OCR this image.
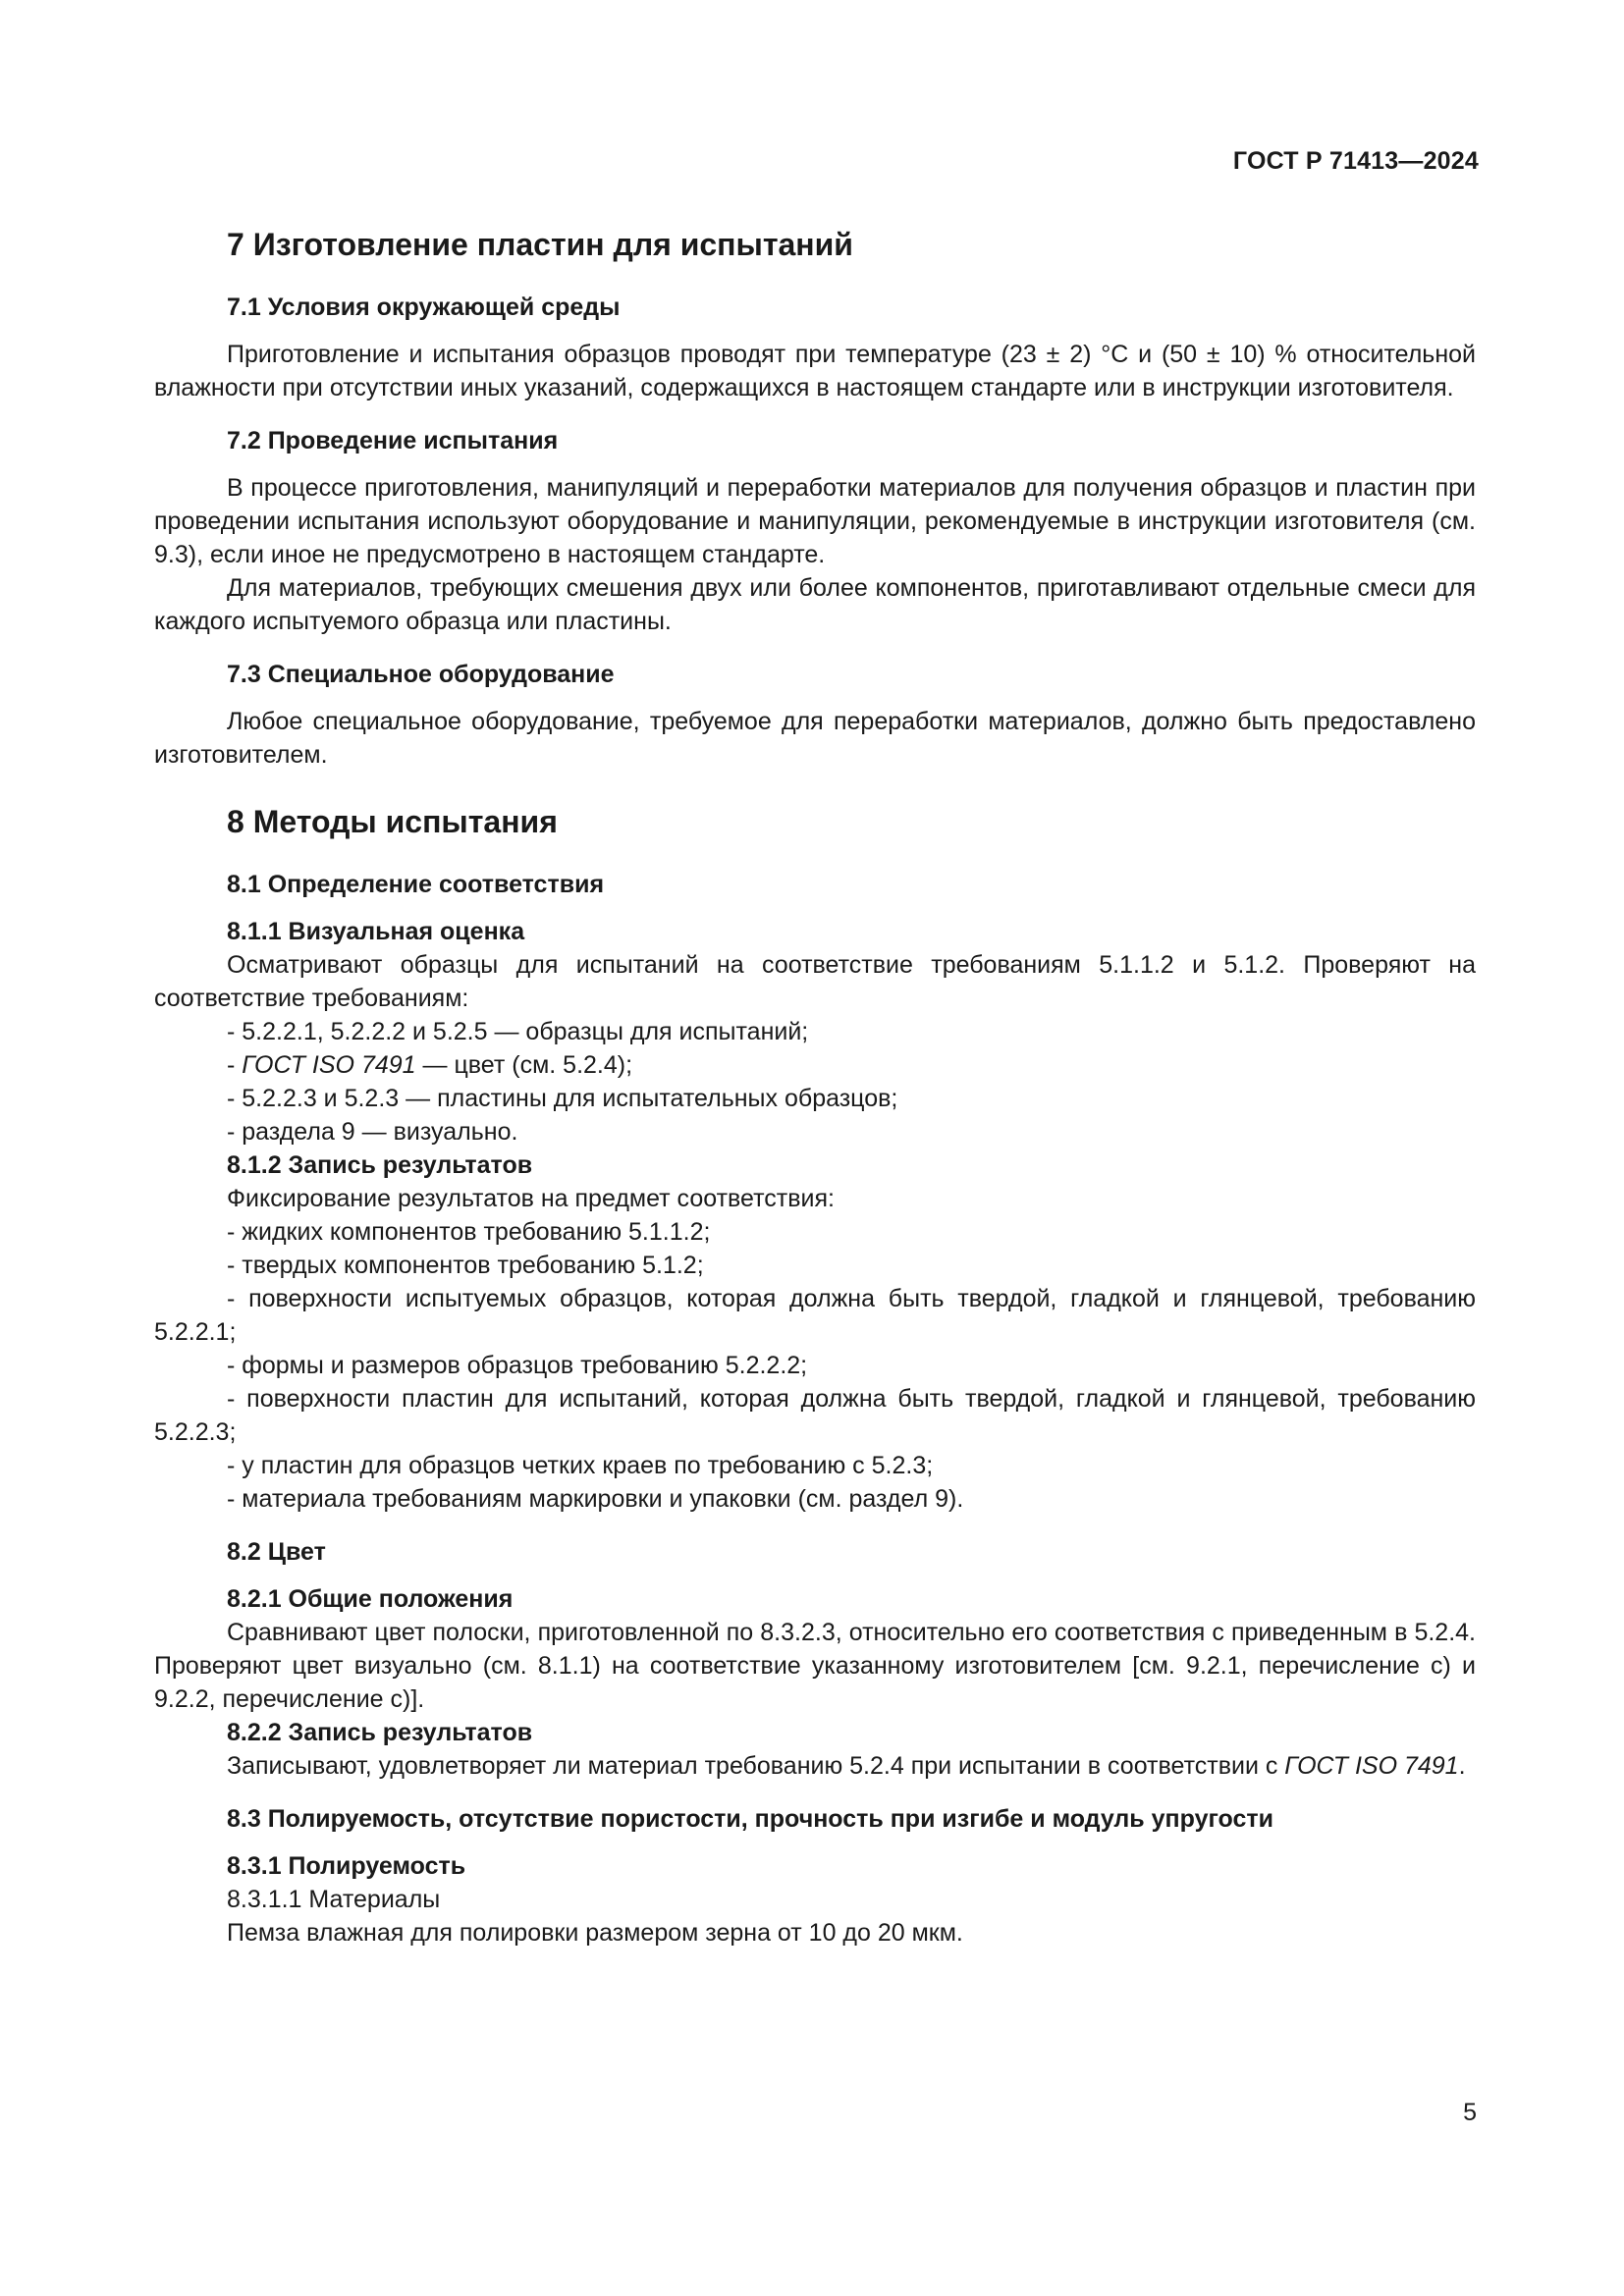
ГОСТ Р 71413—2024
7 Изготовление пластин для испытаний
7.1 Условия окружающей среды

Приготовление и испытания образцов проводят при температуре (23 ± 2) °C и (50 ± 10) % относительной влажности при отсутствии иных указаний, содержащихся в настоящем стандарте или в инструкции изготовителя.

7.2 Проведение испытания

В процессе приготовления, манипуляций и переработки материалов для получения образцов и пластин при проведении испытания используют оборудование и манипуляции, рекомендуемые в инструкции изготовителя (см. 9.3), если иное не предусмотрено в настоящем стандарте.

Для материалов, требующих смешения двух или более компонентов, приготавливают отдельные смеси для каждого испытуемого образца или пластины.

7.3 Специальное оборудование

Любое специальное оборудование, требуемое для переработки материалов, должно быть предоставлено изготовителем.

8 Методы испытания
8.1 Определение соответствия
8.1.1 Визуальная оценка

Осматривают образцы для испытаний на соответствие требованиям 5.1.1.2 и 5.1.2. Проверяют на соответствие требованиям:

- 5.2.2.1, 5.2.2.2 и 5.2.5 — образцы для испытаний;

- ГОСТ ISO 7491 — цвет (см. 5.2.4);

- 5.2.2.3 и 5.2.3 — пластины для испытательных образцов;

- раздела 9 — визуально.

8.1.2 Запись результатов

Фиксирование результатов на предмет соответствия:

- жидких компонентов требованию 5.1.1.2;

- твердых компонентов требованию 5.1.2;

- поверхности испытуемых образцов, которая должна быть твердой, гладкой и глянцевой, требованию 5.2.2.1;

- формы и размеров образцов требованию 5.2.2.2;

- поверхности пластин для испытаний, которая должна быть твердой, гладкой и глянцевой, требованию 5.2.2.3;

- у пластин для образцов четких краев по требованию с 5.2.3;

- материала требованиям маркировки и упаковки (см. раздел 9).

8.2 Цвет
8.2.1 Общие положения

Сравнивают цвет полоски, приготовленной по 8.3.2.3, относительно его соответствия с приведенным в 5.2.4. Проверяют цвет визуально (см. 8.1.1) на соответствие указанному изготовителем [см. 9.2.1, перечисление c) и 9.2.2, перечисление c)].

8.2.2 Запись результатов

Записывают, удовлетворяет ли материал требованию 5.2.4 при испытании в соответствии с ГОСТ ISO 7491.

8.3 Полируемость, отсутствие пористости, прочность при изгибе и модуль упругости
8.3.1 Полируемость
8.3.1.1 Материалы

Пемза влажная для полировки размером зерна от 10 до 20 мкм.

5
